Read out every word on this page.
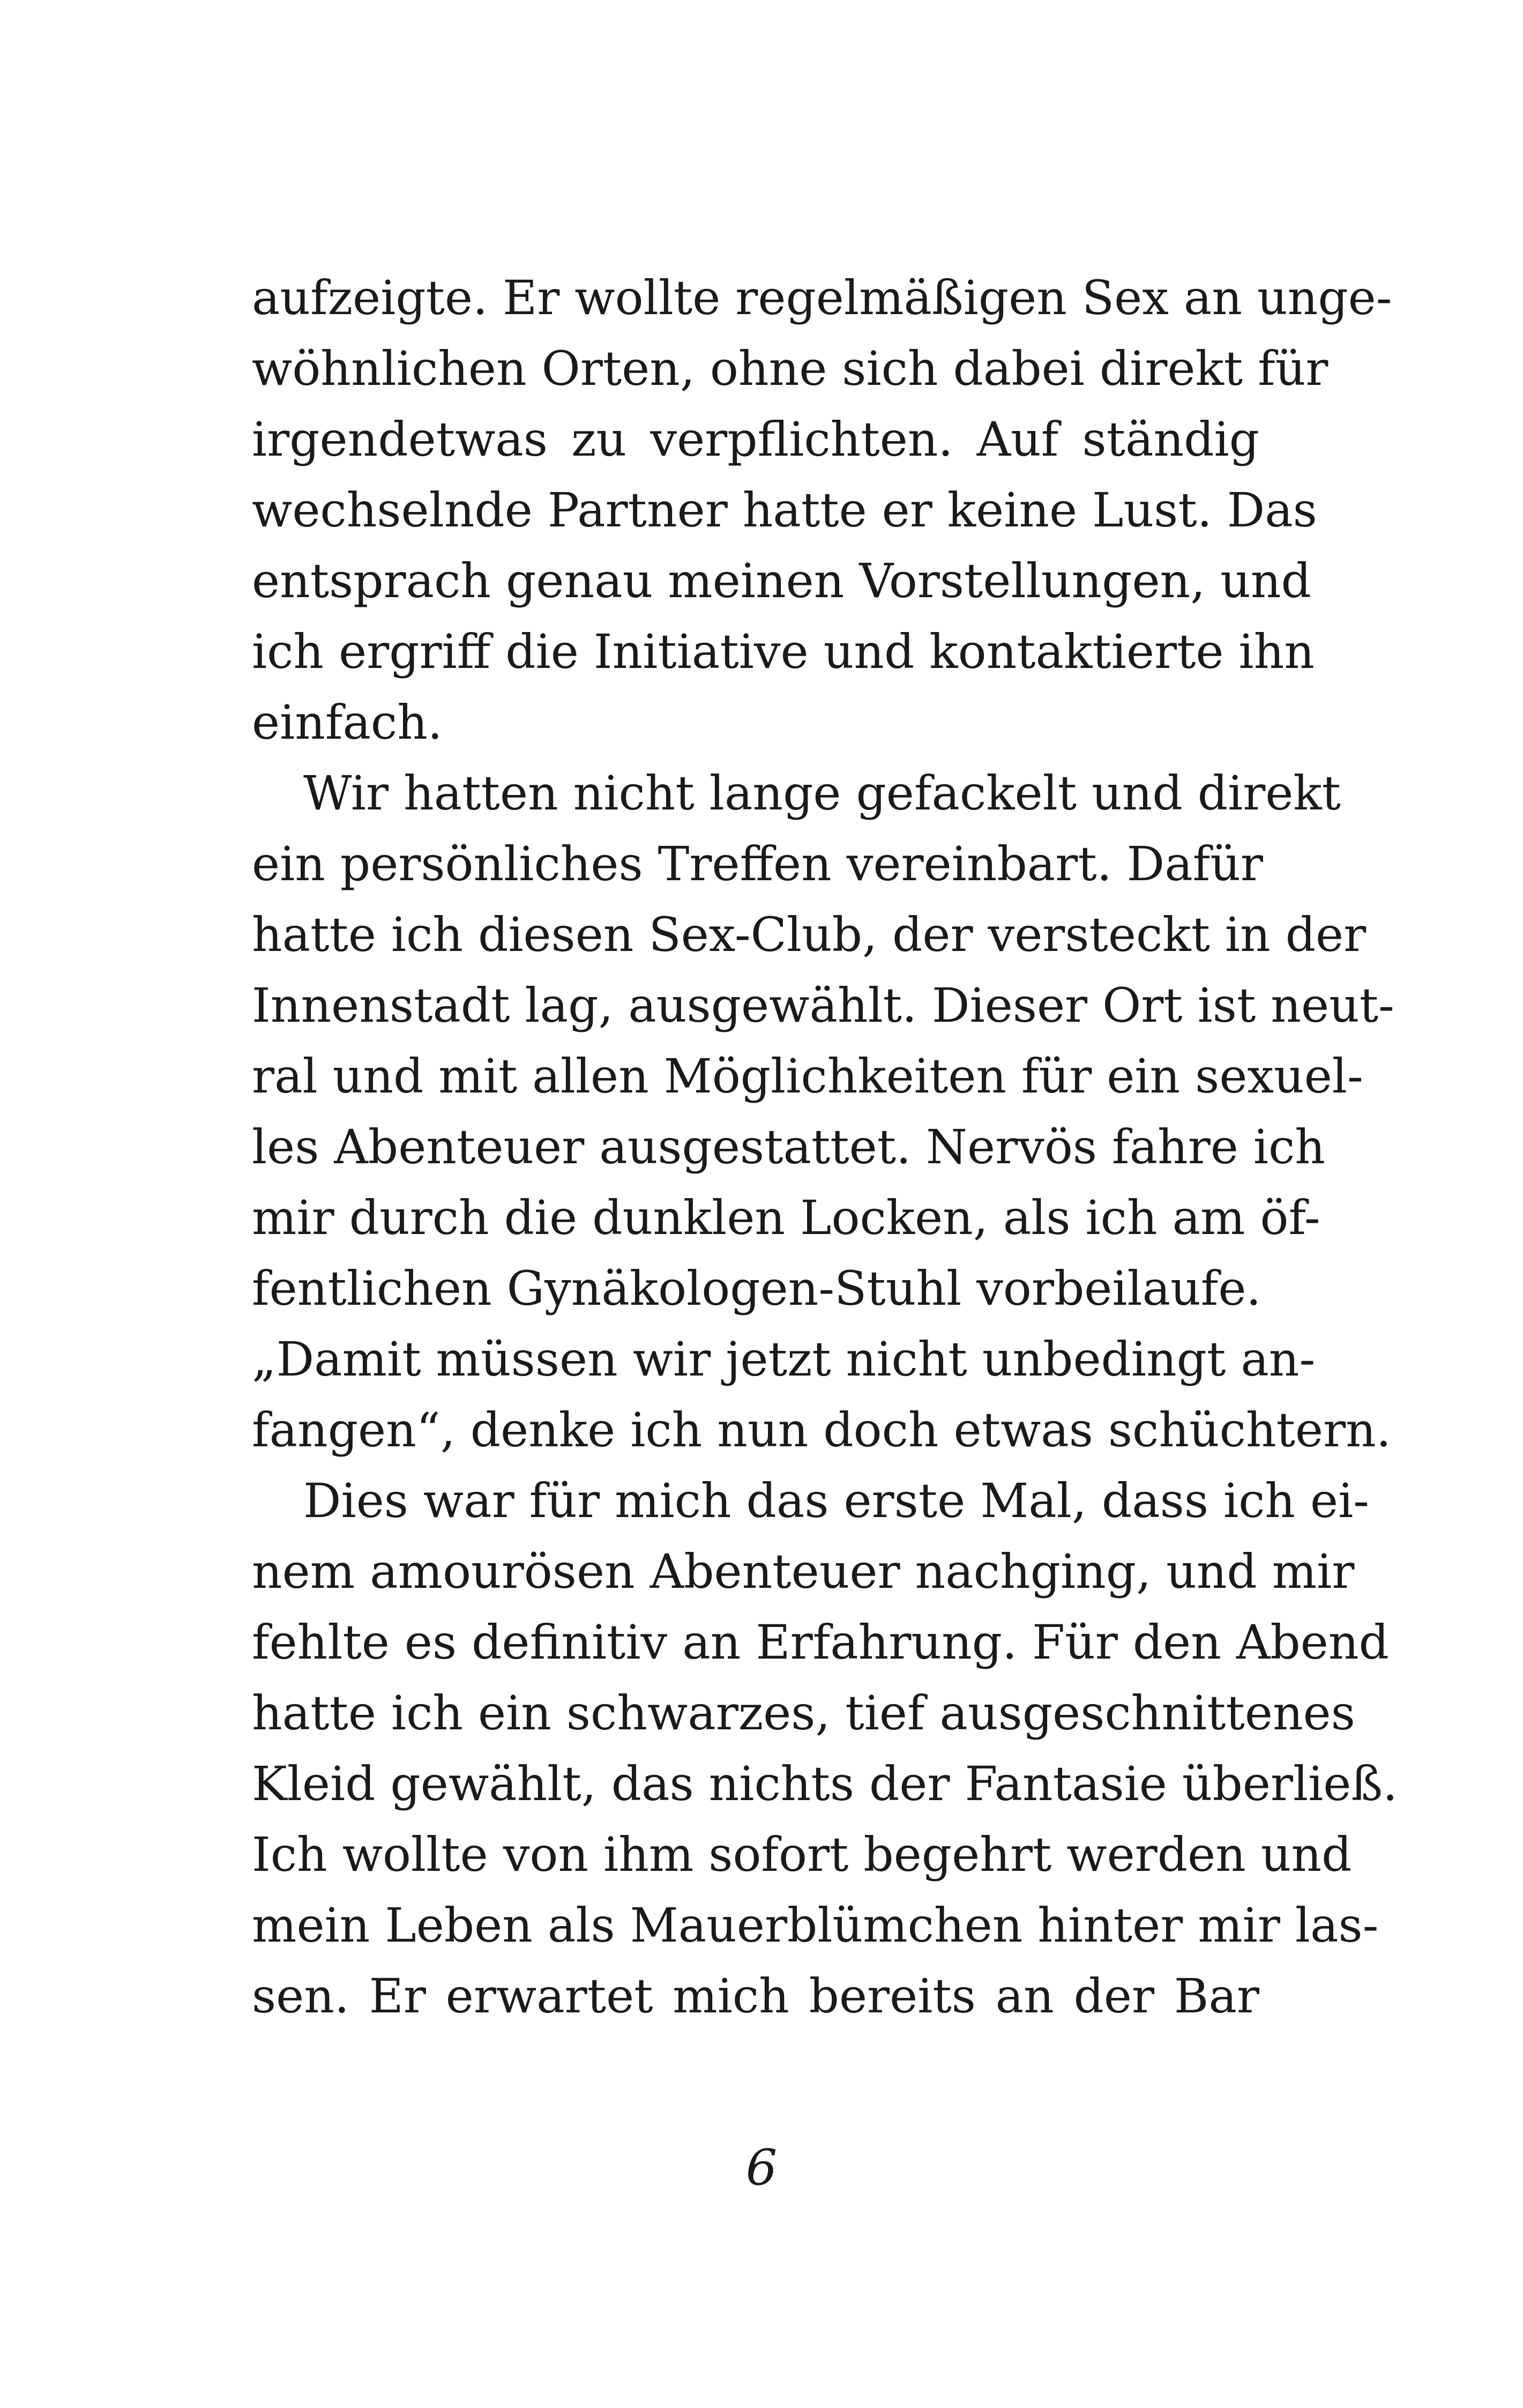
aufzeigte. Er wollte regelmäßigen Sex an unge-
wöhnlichen Orten, ohne sich dabei direkt für
irgendetwas zu verpflichten. Auf ständig
wechselnde Partner hatte er keine Lust. Das
entsprach genau meinen Vorstellungen, und
ich ergriff die Initiative und kontaktierte ihn
einfach.
Wir hatten nicht lange gefackelt und direkt
ein persönliches Treffen vereinbart. Dafür
hatte ich diesen Sex-Club, der versteckt in der
Innenstadt lag, ausgewählt. Dieser Ort ist neut-
ral und mit allen Möglichkeiten für ein sexuel-
les Abenteuer ausgestattet. Nervös fahre ich
mir durch die dunklen Locken, als ich am öf-
fentlichen Gynäkologen-Stuhl vorbeilaufe.
„Damit müssen wir jetzt nicht unbedingt an-
fangen“, denke ich nun doch etwas schüchtern.
Dies war für mich das erste Mal, dass ich ei-
nem amourösen Abenteuer nachging, und mir
fehlte es definitiv an Erfahrung. Für den Abend
hatte ich ein schwarzes, tief ausgeschnittenes
Kleid gewählt, das nichts der Fantasie überließ.
Ich wollte von ihm sofort begehrt werden und
mein Leben als Mauerblümchen hinter mir las-
sen. Er erwartet mich bereits an der Bar
6
